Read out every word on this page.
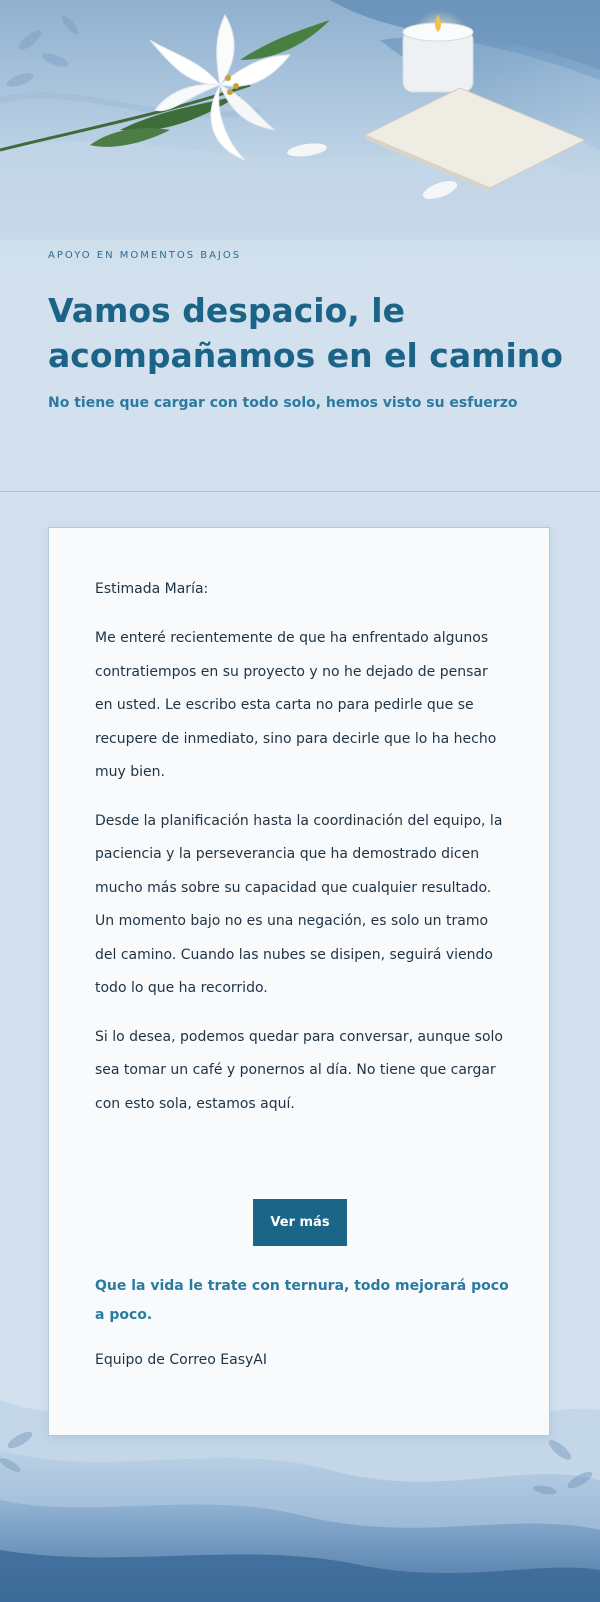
APOYO EN MOMENTOS BAJOS
Vamos despacio, le acompañamos en el camino
No tiene que cargar con todo solo, hemos visto su esfuerzo

Estimada María:

Me enteré recientemente de que ha enfrentado algunos contratiempos en su proyecto y no he dejado de pensar en usted. Le escribo esta carta no para pedirle que se recupere de inmediato, sino para decirle que lo ha hecho muy bien.

Desde la planificación hasta la coordinación del equipo, la paciencia y la perseverancia que ha demostrado dicen mucho más sobre su capacidad que cualquier resultado. Un momento bajo no es una negación, es solo un tramo del camino. Cuando las nubes se disipen, seguirá viendo todo lo que ha recorrido.

Si lo desea, podemos quedar para conversar, aunque solo sea tomar un café y ponernos al día. No tiene que cargar con esto sola, estamos aquí.

Ver más

Que la vida le trate con ternura, todo mejorará poco a poco.

Equipo de Correo EasyAI
